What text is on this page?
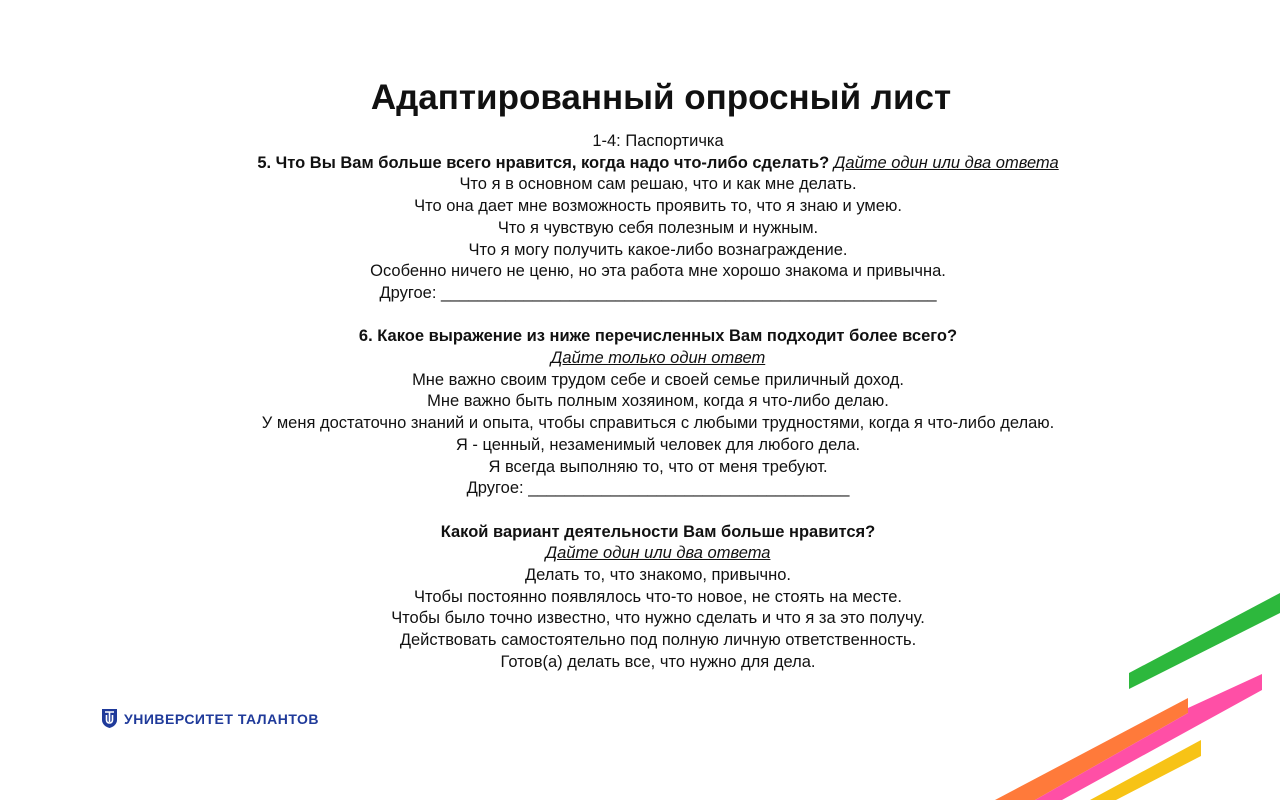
Адаптированный опросный лист
1-4: Паспортичка
5. Что Вы Вам больше всего нравится, когда надо что-либо сделать? Дайте один или два ответа
Что я в основном сам решаю, что и как мне делать.
Что она дает мне возможность проявить то, что я знаю и умею.
Что я чувствую себя полезным и нужным.
Что я могу получить какое-либо вознаграждение.
Особенно ничего не ценю, но эта работа мне хорошо знакома и привычна.
Другое: ______________________________________________________
6. Какое выражение из ниже перечисленных Вам подходит более всего?
Дайте только один ответ
Мне важно своим трудом себе и своей семье приличный доход.
Мне важно быть полным хозяином, когда я что-либо делаю.
У меня достаточно знаний и опыта, чтобы справиться с любыми трудностями, когда я что-либо делаю.
Я - ценный, незаменимый человек для любого дела.
Я всегда выполняю то, что от меня требуют.
Другое: ___________________________________
Какой вариант деятельности Вам больше нравится?
Дайте один или два ответа
Делать то, что знакомо, привычно.
Чтобы постоянно появлялось что-то новое, не стоять на месте.
Чтобы было точно известно, что нужно сделать и что я за это получу.
Действовать самостоятельно под полную личную ответственность.
Готов(а) делать все, что нужно для дела.
УНИВЕРСИТЕТ ТАЛАНТОВ
